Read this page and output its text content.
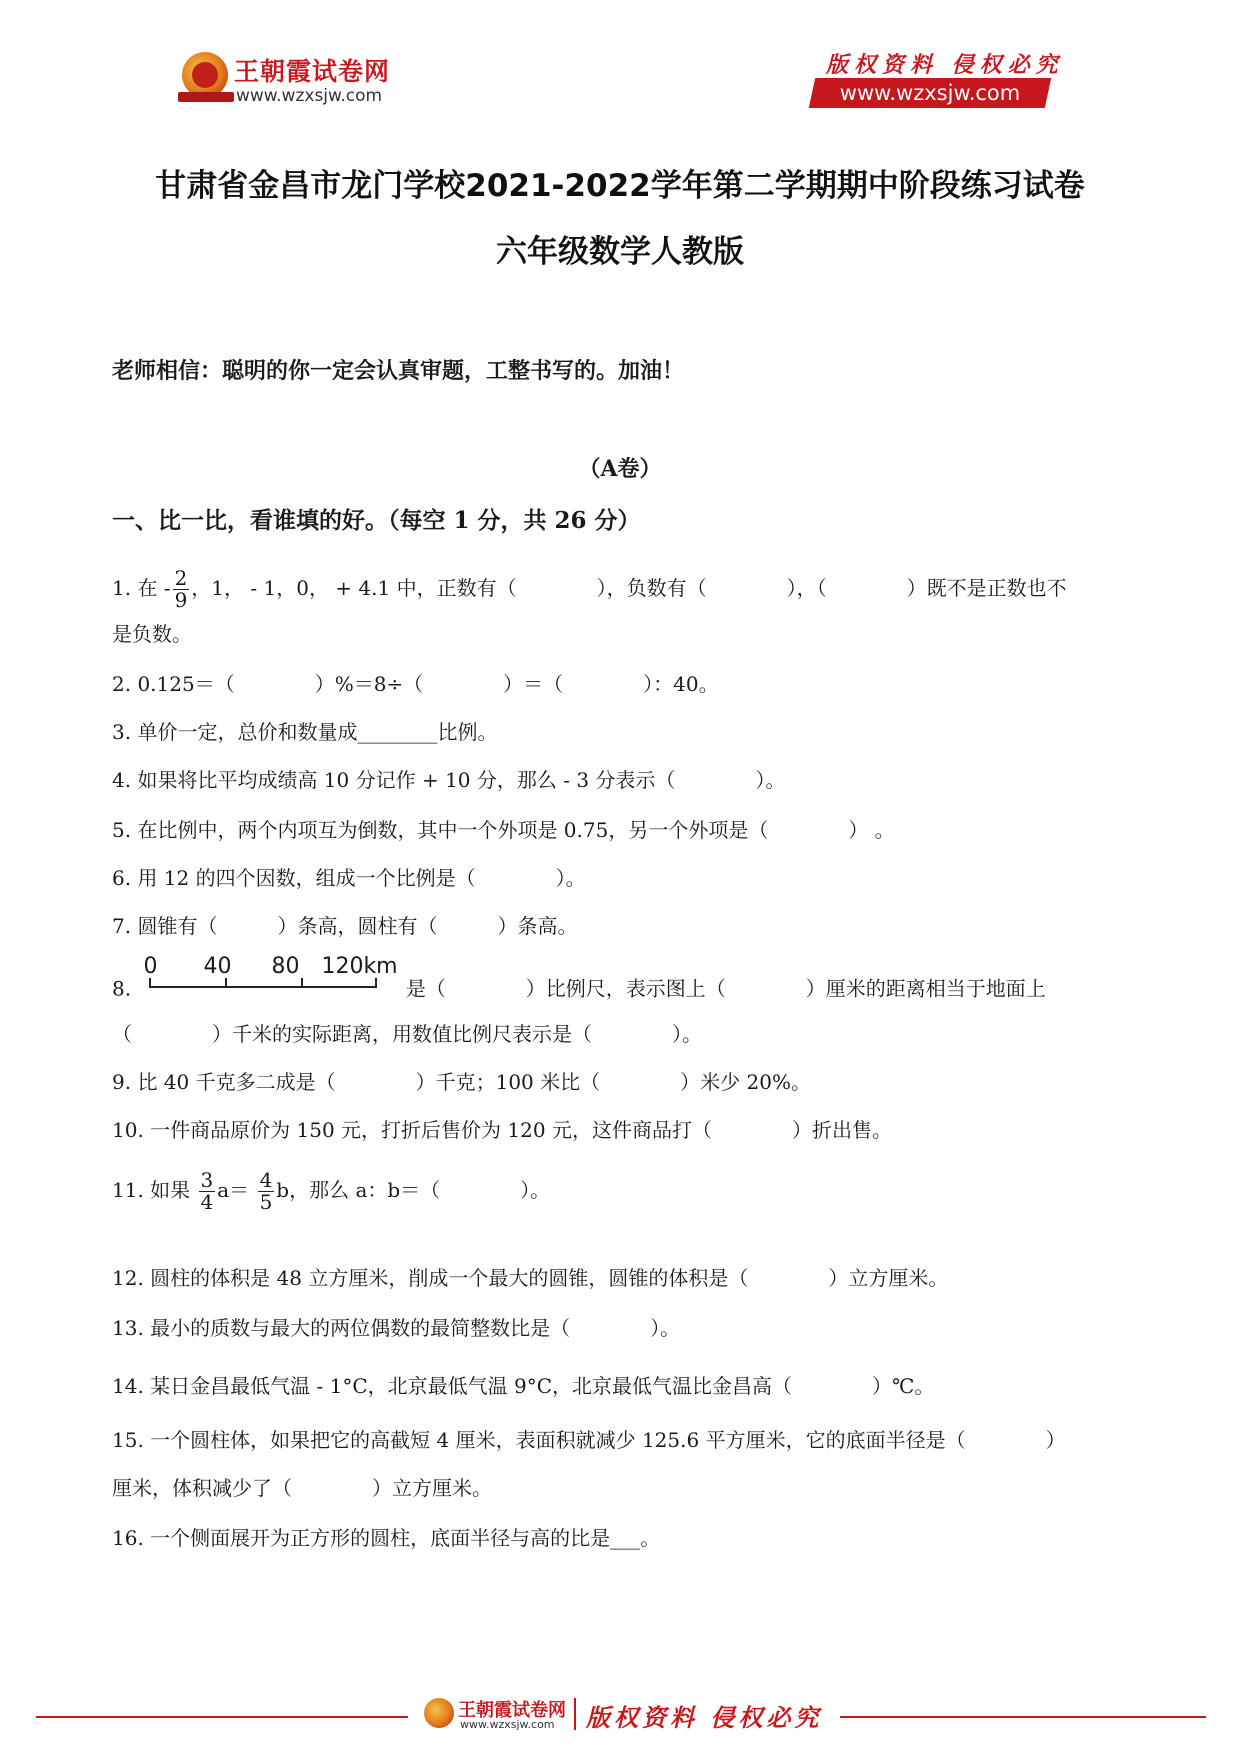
王朝霞试卷网
www.wzxsjw.com
版权资料 侵权必究
www.wzxsjw.com
甘肃省金昌市龙门学校2021-2022学年第二学期期中阶段练习试卷
六年级数学人教版
老师相信：聪明的你一定会认真审题，工整书写的。加油！
（A卷）
一、比一比，看谁填的好。（每空 1 分，共 26 分）
1. 在 - $\frac{2}{9}$ ，1， - 1，0， + 4.1 中，正数有（　　　　），负数有（　　　　），（　　　　）既不是正数也不
是负数。
2. 0.125＝（　　　　）%＝8÷（　　　　）＝（　　　　）：40。
3. 单价一定，总价和数量成________比例。
4. 如果将比平均成绩高 10 分记作 + 10 分，那么 - 3 分表示（　　　　）。
5. 在比例中，两个内项互为倒数，其中一个外项是 0.75，另一个外项是（　　　　） 。
6. 用 12 的四个因数，组成一个比例是（　　　　）。
7. 圆锥有（　　　）条高，圆柱有（　　　）条高。
8.
0 40 80 120km
是（　　　　）比例尺，表示图上（　　　　）厘米的距离相当于地面上
（　　　　）千米的实际距离，用数值比例尺表示是（　　　　）。
9. 比 40 千克多二成是（　　　　）千克；100 米比（　　　　）米少 20%。
10. 一件商品原价为 150 元，打折后售价为 120 元，这件商品打（　　　　）折出售。
11. 如果 $\frac{3}{4} a= \frac{4}{5}$ b，那么 a：b＝（　　　　）。
12. 圆柱的体积是 48 立方厘米，削成一个最大的圆锥，圆锥的体积是（　　　　）立方厘米。
13. 最小的质数与最大的两位偶数的最简整数比是（　　　　）。
14. 某日金昌最低气温 - 1°C，北京最低气温 9°C，北京最低气温比金昌高（　　　　）℃。
15. 一个圆柱体，如果把它的高截短 4 厘米，表面积就减少 125.6 平方厘米，它的底面半径是（　　　　）
厘米，体积减少了（　　　　）立方厘米。
16. 一个侧面展开为正方形的圆柱，底面半径与高的比是___。
王朝霞试卷网
www.wzxsjw.com 版权资料 侵权必究
